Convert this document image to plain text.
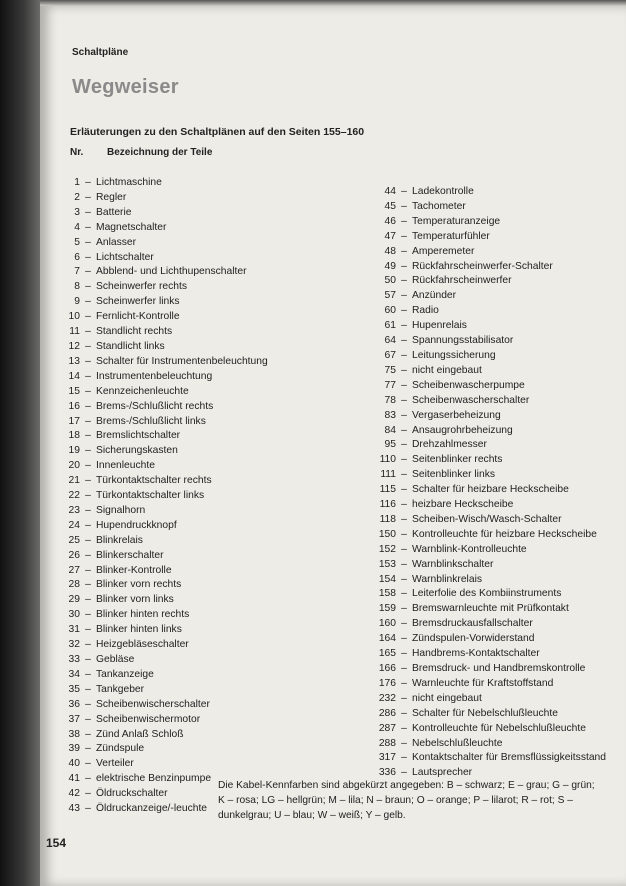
Schaltpläne
Wegweiser
Erläuterungen zu den Schaltplänen auf den Seiten 155–160
Nr. Bezeichnung der Teile
1 – Lichtmaschine
2 – Regler
3 – Batterie
4 – Magnetschalter
5 – Anlasser
6 – Lichtschalter
7 – Abblend- und Lichthupenschalter
8 – Scheinwerfer rechts
9 – Scheinwerfer links
10 – Fernlicht-Kontrolle
11 – Standlicht rechts
12 – Standlicht links
13 – Schalter für Instrumentenbeleuchtung
14 – Instrumentenbeleuchtung
15 – Kennzeichenleuchte
16 – Brems-/Schlußlicht rechts
17 – Brems-/Schlußlicht links
18 – Bremslichtschalter
19 – Sicherungskasten
20 – Innenleuchte
21 – Türkontaktschalter rechts
22 – Türkontaktschalter links
23 – Signalhorn
24 – Hupendruckknopf
25 – Blinkrelais
26 – Blinkerschalter
27 – Blinker-Kontrolle
28 – Blinker vorn rechts
29 – Blinker vorn links
30 – Blinker hinten rechts
31 – Blinker hinten links
32 – Heizgebläseschalter
33 – Gebläse
34 – Tankanzeige
35 – Tankgeber
36 – Scheibenwischerschalter
37 – Scheibenwischermotor
38 – Zünd Anlaß Schloß
39 – Zündspule
40 – Verteiler
41 – elektrische Benzinpumpe
42 – Öldruckschalter
43 – Öldruckanzeige/-leuchte
44 – Ladekontrolle
45 – Tachometer
46 – Temperaturanzeige
47 – Temperaturfühler
48 – Amperemeter
49 – Rückfahrscheinwerfer-Schalter
50 – Rückfahrscheinwerfer
57 – Anzünder
60 – Radio
61 – Hupenrelais
64 – Spannungsstabilisator
67 – Leitungssicherung
75 – nicht eingebaut
77 – Scheibenwascherpumpe
78 – Scheibenwascherschalter
83 – Vergaserbeheizung
84 – Ansaugrohrbeheizung
95 – Drehzahlmesser
110 – Seitenblinker rechts
111 – Seitenblinker links
115 – Schalter für heizbare Heckscheibe
116 – heizbare Heckscheibe
118 – Scheiben-Wisch/Wasch-Schalter
150 – Kontrolleuchte für heizbare Heckscheibe
152 – Warnblink-Kontrolleuchte
153 – Warnblinkschalter
154 – Warnblinkrelais
158 – Leiterfolie des Kombiinstruments
159 – Bremswarnleuchte mit Prüfkontakt
160 – Bremsdruckausfallschalter
164 – Zündspulen-Vorwiderstand
165 – Handbrems-Kontaktschalter
166 – Bremsdruck- und Handbremskontrolle
176 – Warnleuchte für Kraftstoffstand
232 – nicht eingebaut
286 – Schalter für Nebelschlußleuchte
287 – Kontrolleuchte für Nebelschlußleuchte
288 – Nebelschlußleuchte
317 – Kontaktschalter für Bremsflüssigkeitsstand
336 – Lautsprecher
Die Kabel-Kennfarben sind abgekürzt angegeben: B – schwarz; E – grau; G – grün; K – rosa; LG – hellgrün; M – lila; N – braun; O – orange; P – lilarot; R – rot; S – dunkelgrau; U – blau; W – weiß; Y – gelb.
154
